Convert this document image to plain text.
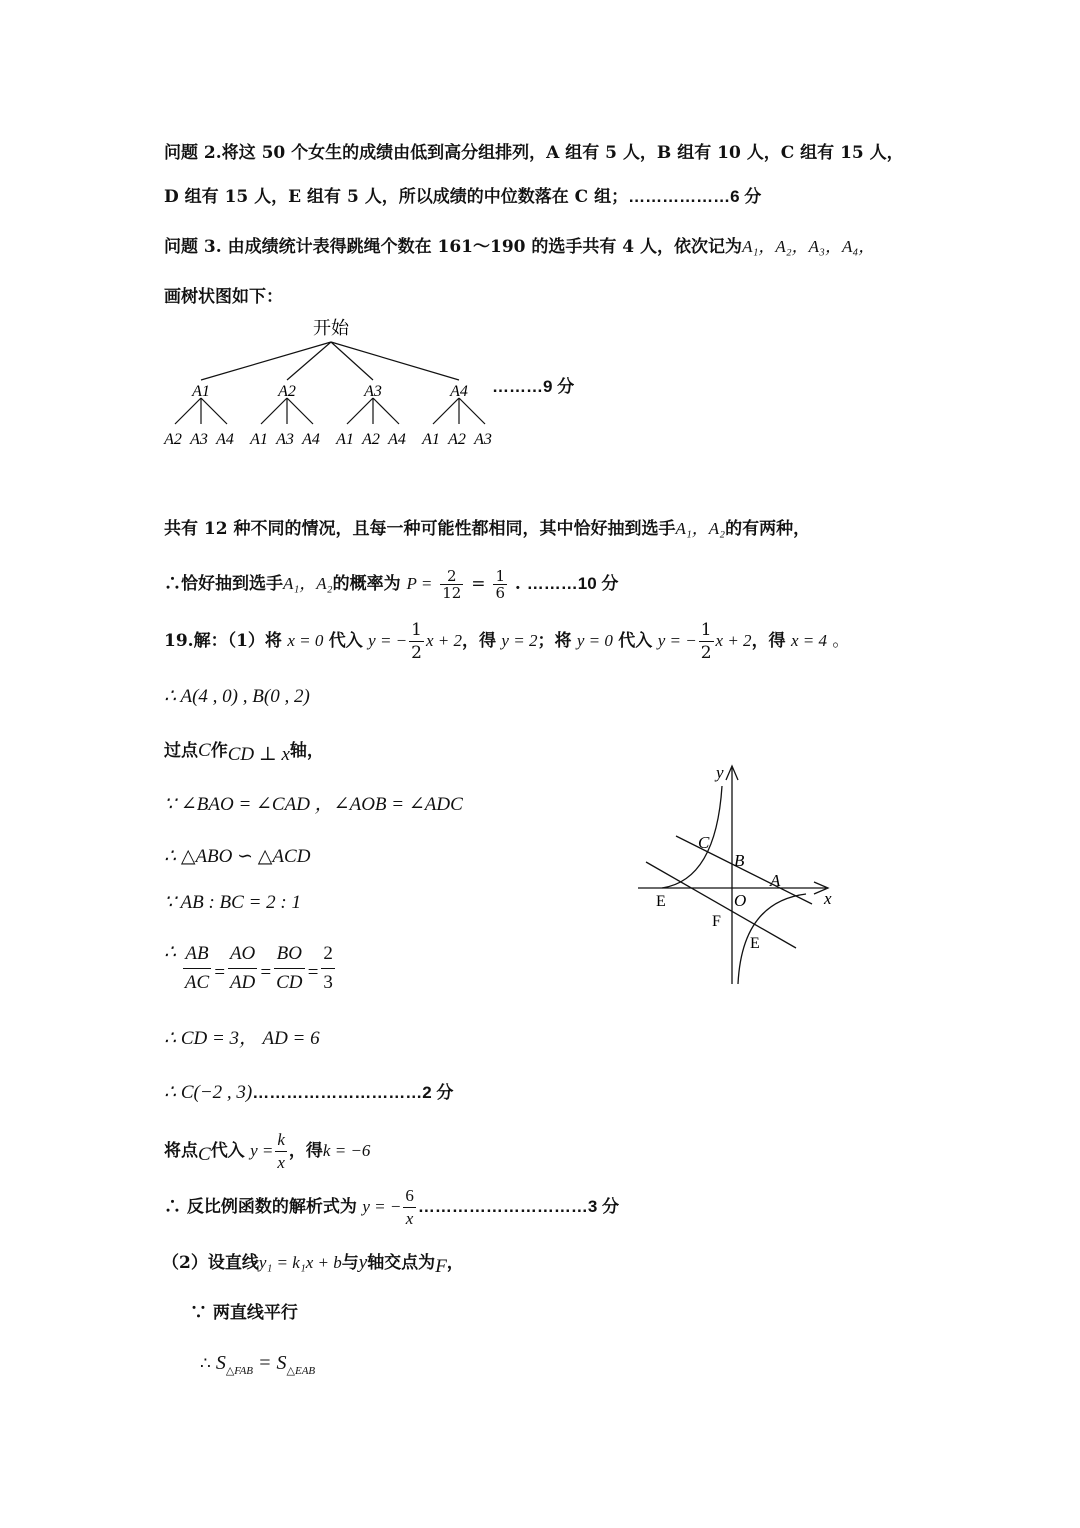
问题 2.将这 50 个女生的成绩由低到高分组排列，A 组有 5 人，B 组有 10 人，C 组有 15 人，
D 组有 15 人，E 组有 5 人，所以成绩的中位数落在 C 组；………………6 分
问题 3. 由成绩统计表得跳绳个数在 161～190 的选手共有 4 人，依次记为A₁，A₂，A₃，A₄，
画树状图如下：
开始
A1	A2	A3	A4
A2 A3 A4 A1 A3 A4 A1 A2 A4 A1 A2 A3
………9 分
共有 12 种不同的情况，且每一种可能性都相同，其中恰好抽到选手A₁，A₂的有两种，
∴恰好抽到选手A₁，A₂的概率为 $P = \frac{2}{12} = \frac{1}{6}$ . ………10 分
19.解：（1）将 x = 0 代入 y = − $\frac{1}{2}$ x + 2，得 y = 2；将 y = 0 代入 y = − $\frac{1}{2}$ x + 2，得 x = 4 。
∴ A(4 , 0) , B(0 , 2)
过点C作CD ⊥ x轴，
∵ ∠BAO = ∠CAD ，∠AOB = ∠ADC
∴ △ABO ∽ △ACD
∵ AB : BC = 2 : 1
∴ $\frac{AB}{AC} = \frac{AO}{AD} = \frac{BO}{CD} = \frac{2}{3}$
∴ CD = 3， AD = 6
∴ C(−2 , 3)…………………………2 分
将点C代入 $y = \frac{k}{x}$ ，得k = −6
∴ 反比例函数的解析式为 y = − $\frac{6}{x}$ …………………………3 分
（2）设直线y₁ = k₁x + b与y轴交点为F，
∵ 两直线平行
∴ $S_{\triangle FAB} = S_{\triangle EAB}$
y
x
C
B
A
O
E
F
E
